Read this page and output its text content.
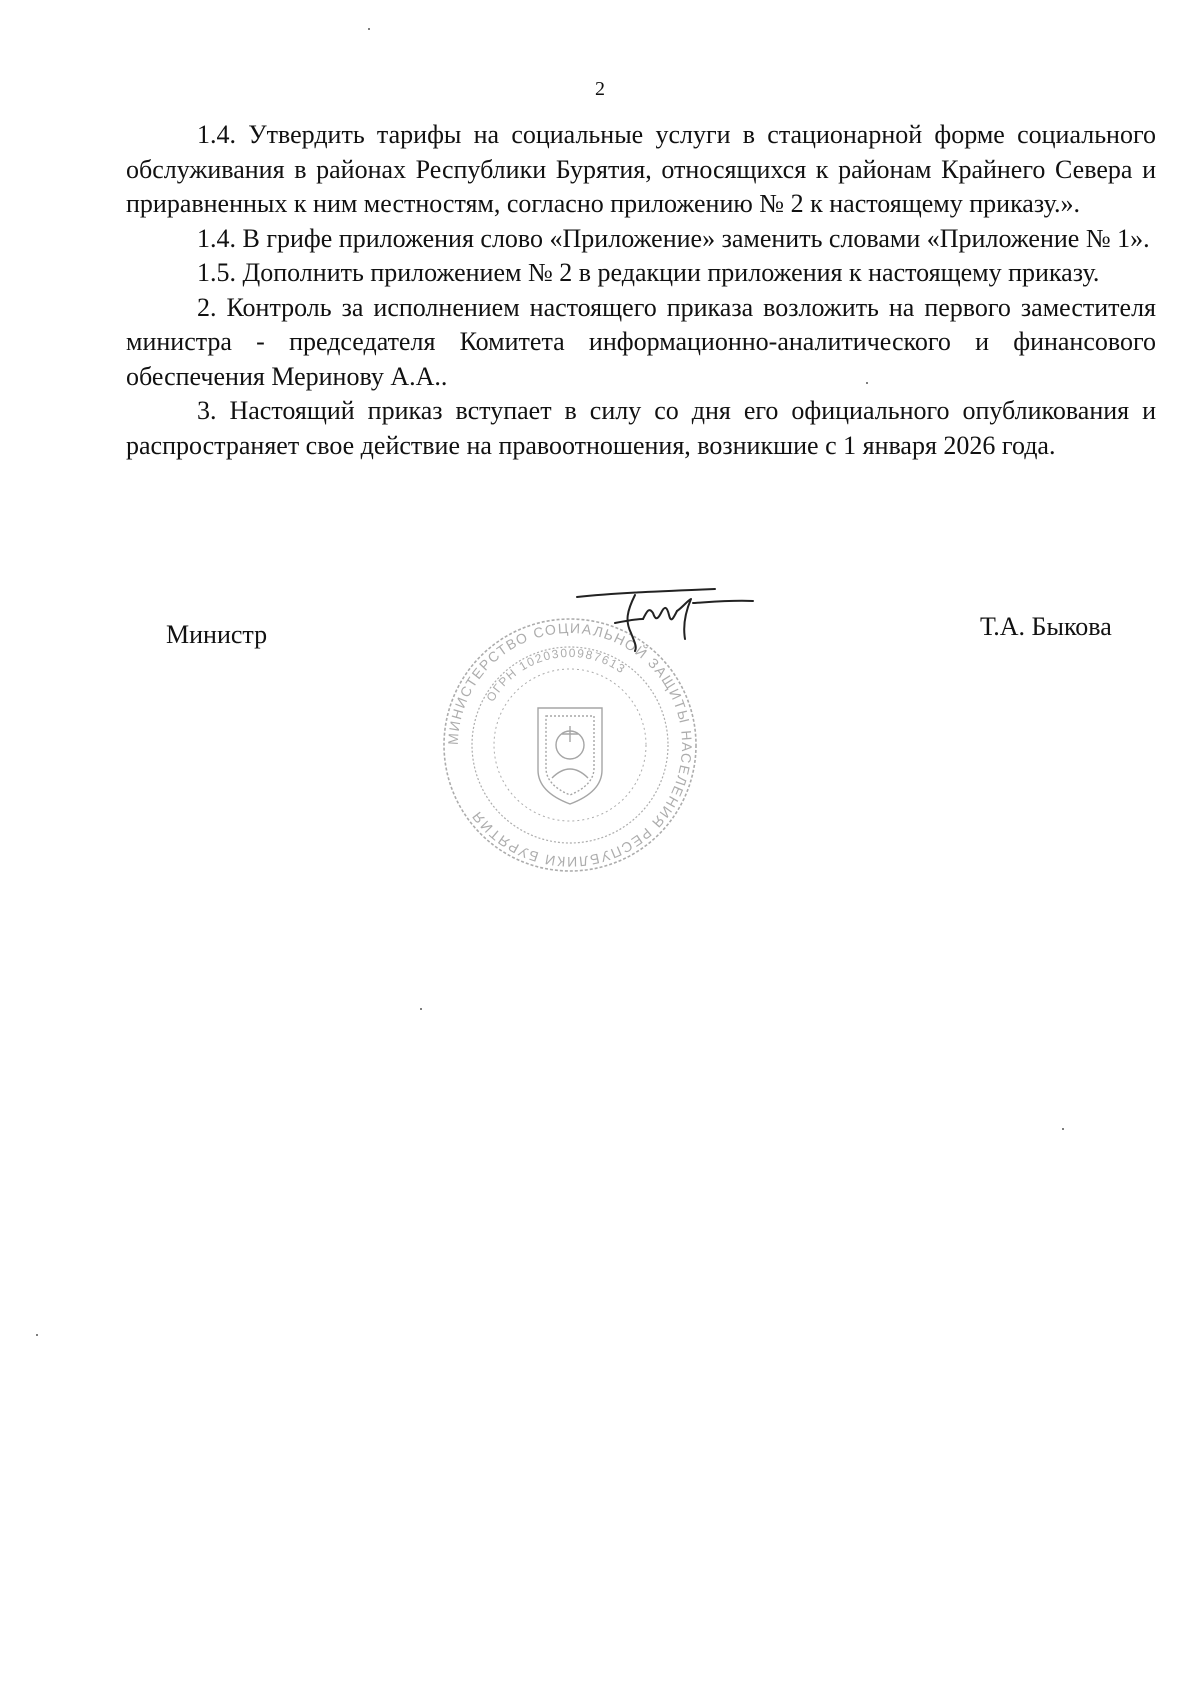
2

1.4. Утвердить тарифы на социальные услуги в стационарной форме социального обслуживания в районах Республики Бурятия, относящихся к районам Крайнего Севера и приравненных к ним местностям, согласно приложению № 2 к настоящему приказу.».

1.4. В грифе приложения слово «Приложение» заменить словами «Приложение № 1».

1.5. Дополнить приложением № 2 в редакции приложения к настоящему приказу.

2. Контроль за исполнением настоящего приказа возложить на первого заместителя министра - председателя Комитета информационно-аналитического и финансового обеспечения Меринову А.А..

3. Настоящий приказ вступает в силу со дня его официального опубликования и распространяет свое действие на правоотношения, возникшие с 1 января 2026 года.

Министр	Т.А. Быкова
МИНИСТЕРСТВО СОЦИАЛЬНОЙ ЗАЩИТЫ НАСЕЛЕНИЯ РЕСПУБЛИКИ БУРЯТИЯ
ОГРН 1020300987613
